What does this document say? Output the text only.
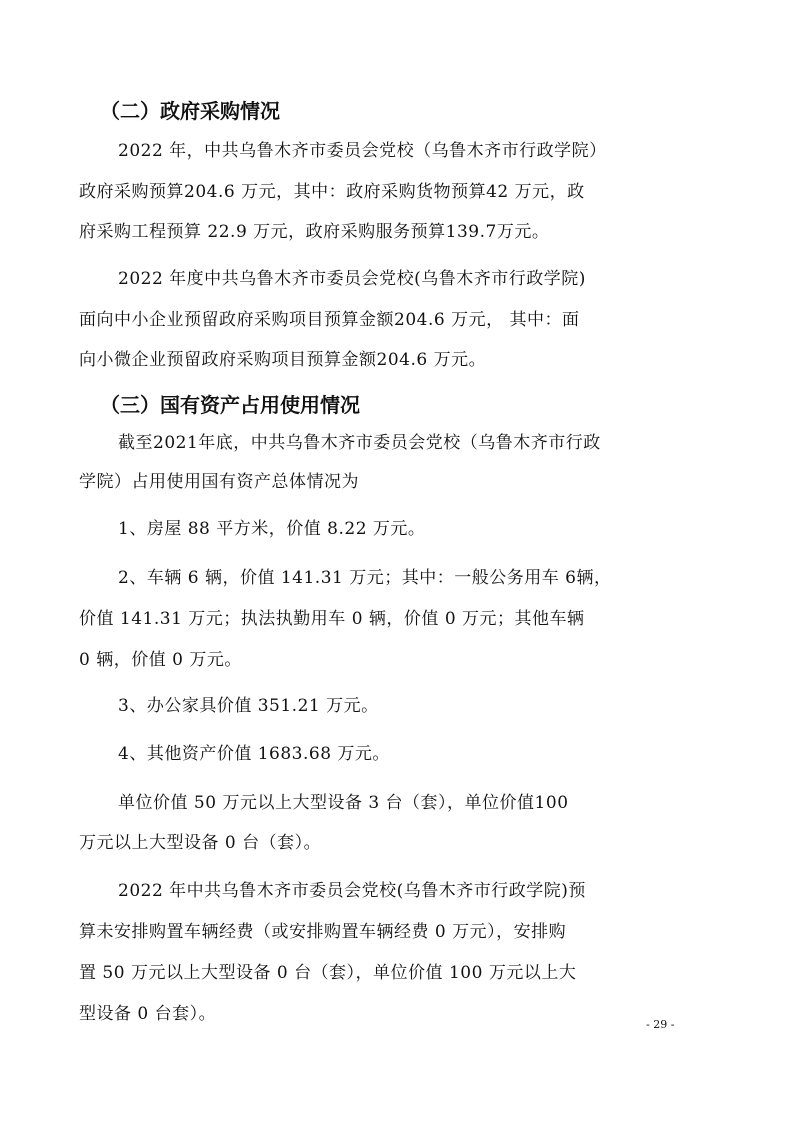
（二）政府采购情况
2022 年，中共乌鲁木齐市委员会党校（乌鲁木齐市行政学院）
政府采购预算204.6 万元，其中：政府采购货物预算42 万元，政
府采购工程预算 22.9 万元，政府采购服务预算139.7万元。
2022 年度中共乌鲁木齐市委员会党校(乌鲁木齐市行政学院)
面向中小企业预留政府采购项目预算金额204.6 万元， 其中：面
向小微企业预留政府采购项目预算金额204.6 万元。
（三）国有资产占用使用情况
截至2021年底，中共乌鲁木齐市委员会党校（乌鲁木齐市行政
学院）占用使用国有资产总体情况为
1、房屋 88 平方米，价值 8.22 万元。
2、车辆 6 辆，价值 141.31 万元；其中：一般公务用车 6辆，
价值 141.31 万元；执法执勤用车 0 辆，价值 0 万元；其他车辆
0 辆，价值 0 万元。
3、办公家具价值 351.21 万元。
4、其他资产价值 1683.68 万元。
单位价值 50 万元以上大型设备 3 台（套），单位价值100
万元以上大型设备 0 台（套）。
2022 年中共乌鲁木齐市委员会党校(乌鲁木齐市行政学院)预
算未安排购置车辆经费（或安排购置车辆经费 0 万元），安排购
置 50 万元以上大型设备 0 台（套），单位价值 100 万元以上大
型设备 0 台套）。
- 29 -
